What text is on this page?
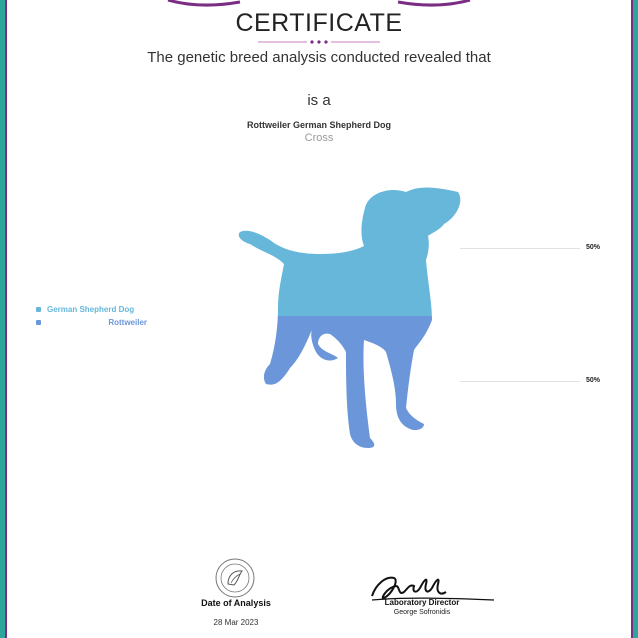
CERTIFICATE
The genetic breed analysis conducted revealed that
is a
Rottweiler German Shepherd Dog
Cross
German Shepherd Dog
Rottweiler
50%
50%
Date of Analysis
28 Mar 2023
Laboratory Director
George Sofronidis
